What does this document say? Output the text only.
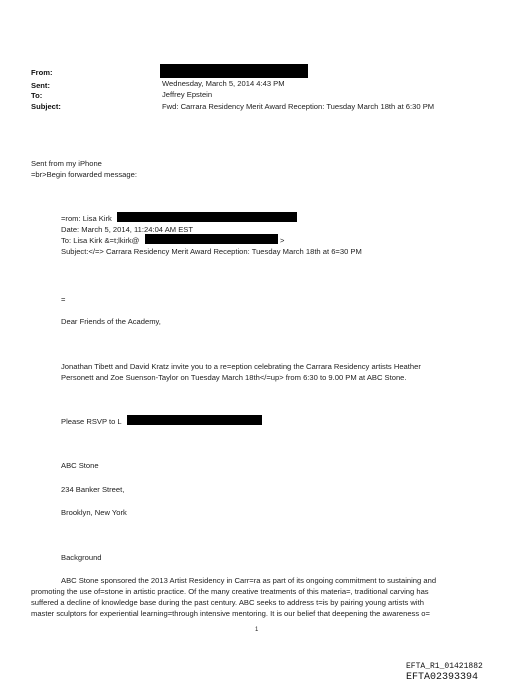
From:
Sent:	Wednesday, March 5, 2014 4:43 PM
To:	Jeffrey Epstein
Subject:	Fwd: Carrara Residency Merit Award Reception: Tuesday March 18th at 6:30 PM
Sent from my iPhone
=br>Begin forwarded message:
=rom: Lisa Kirk
Date: March 5, 2014, 11:24:04 AM EST
To: Lisa Kirk &=t;lkirk@	>
Subject:</=> Carrara Residency Merit Award Reception: Tuesday March 18th at 6=30 PM
=
Dear Friends of the Academy,
Jonathan Tibett and David Kratz invite you to a re=eption celebrating the Carrara Residency artists Heather
Personett and Zoe Suenson-Taylor on Tuesday March 18th</=up> from 6:30 to 9.00 PM at ABC Stone.
Please RSVP to L
ABC Stone
234 Banker Street,
Brooklyn, New York
Background
ABC Stone sponsored the 2013 Artist Residency in Carr=ra as part of its ongoing commitment to sustaining and
promoting the use of=stone in artistic practice. Of the many creative treatments of this materia=, traditional carving has
suffered a decline of knowledge base during the past century. ABC seeks to address t=is by pairing young artists with
master sculptors for experiential learning=through intensive mentoring. It is our belief that deepening the awareness o=
1
EFTA_R1_01421882
EFTA02393394
